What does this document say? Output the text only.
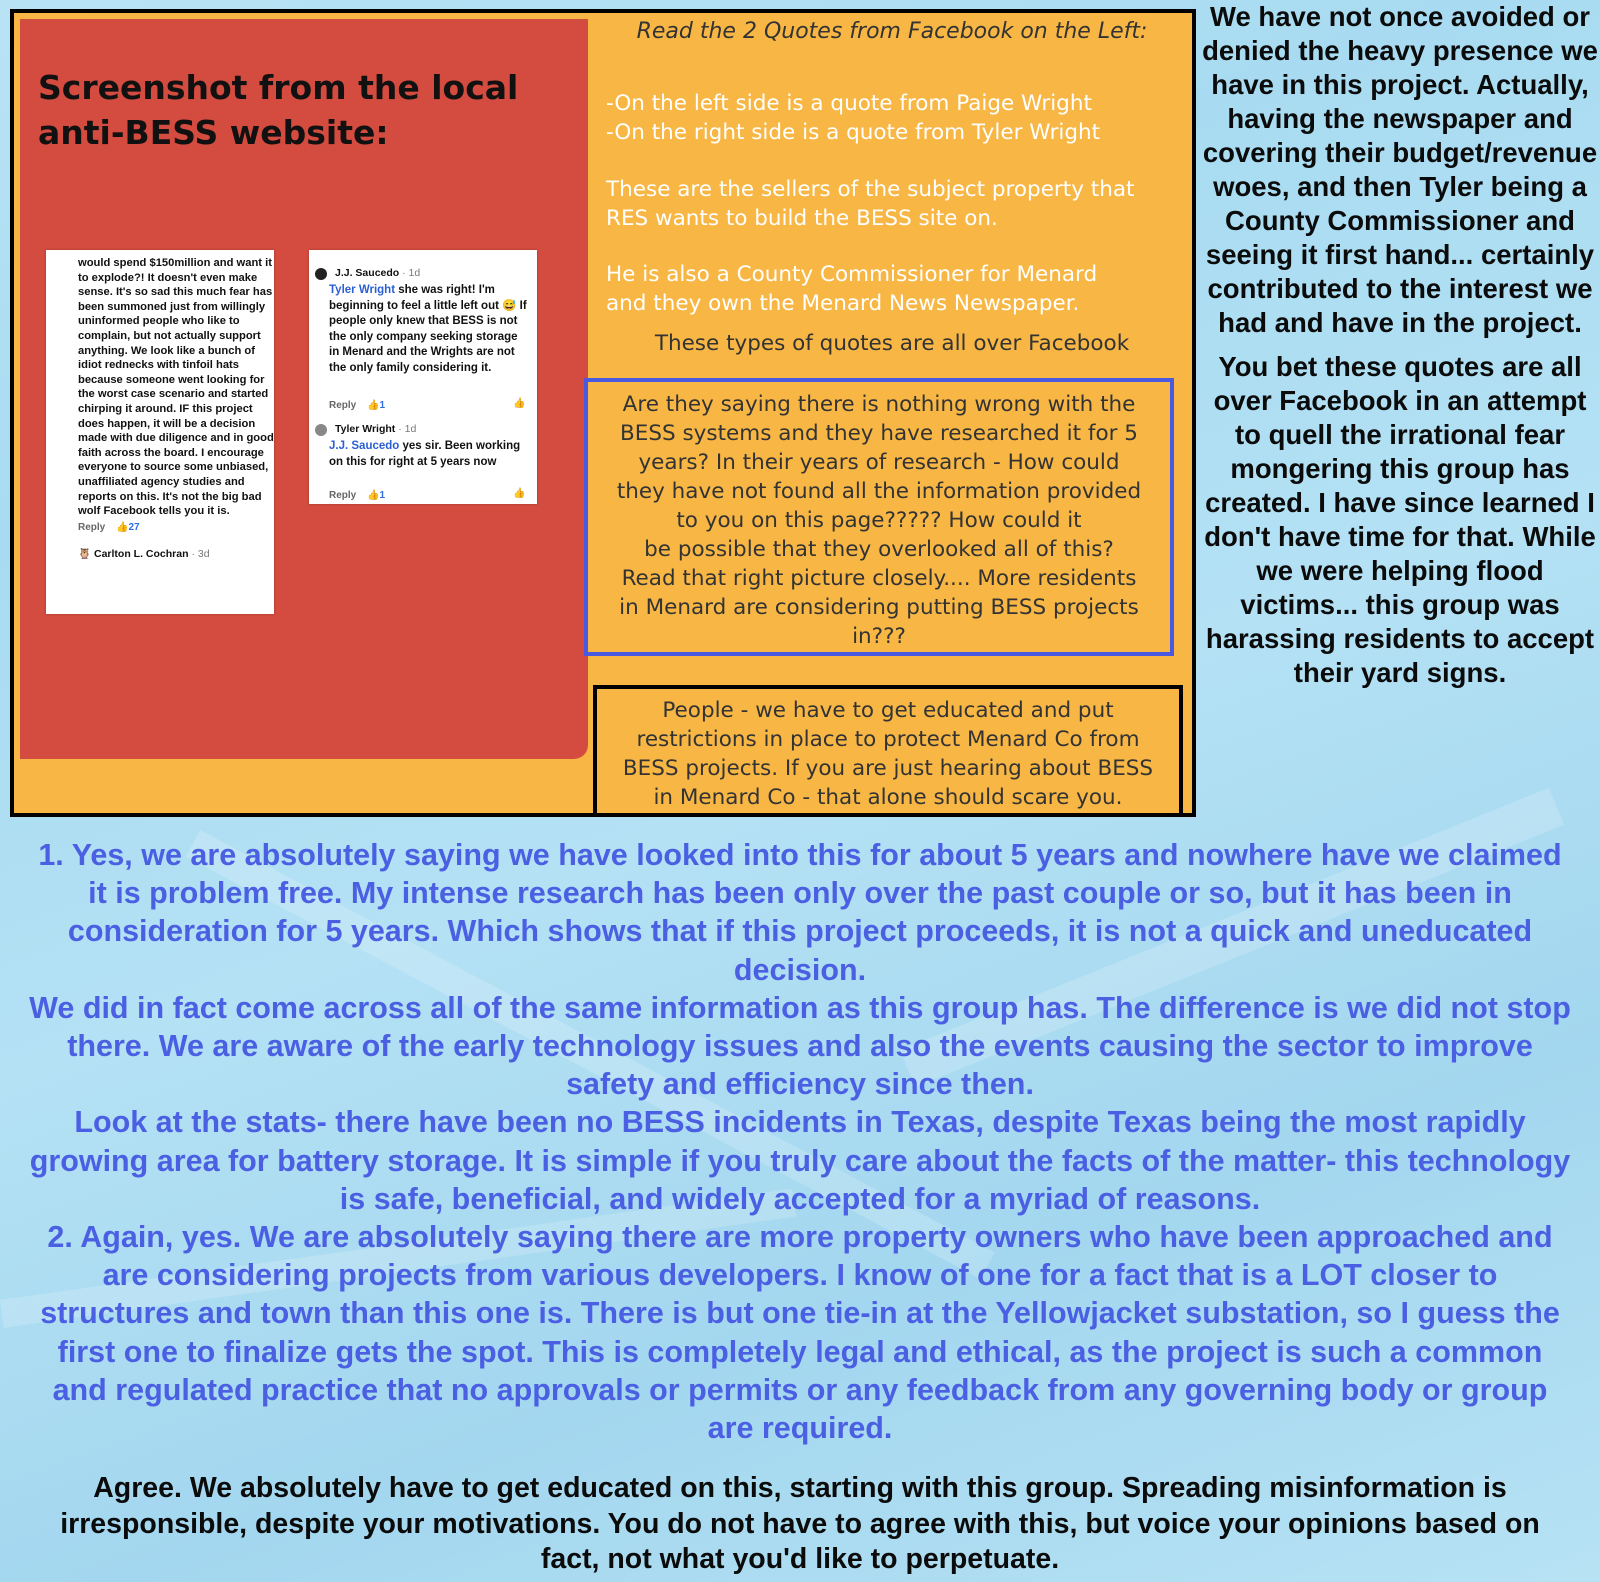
Screenshot from the local anti-BESS website:
would spend $150million and want it to explode?! It doesn't even make sense. It's so sad this much fear has been summoned just from willingly uninformed people who like to complain, but not actually support anything. We look like a bunch of idiot rednecks with tinfoil hats because someone went looking for the worst case scenario and started chirping it around. IF this project does happen, it will be a decision made with due diligence and in good faith across the board. I encourage everyone to source some unbiased, unaffiliated agency studies and reports on this. It's not the big bad wolf Facebook tells you it is.
Reply 👍27
🦉 Carlton L. Cochran · 3d
J.J. Saucedo · 1d
Tyler Wright she was right! I'm beginning to feel a little left out 😅 If people only knew that BESS is not the only company seeking storage in Menard and the Wrights are not the only family considering it.
Reply 👍1	👍
Tyler Wright · 1d
J.J. Saucedo yes sir. Been working on this for right at 5 years now
Reply 👍1	👍
Read the 2 Quotes from Facebook on the Left:
-On the left side is a quote from Paige Wright
-On the right side is a quote from Tyler Wright
These are the sellers of the subject property that
RES wants to build the BESS site on.
He is also a County Commissioner for Menard
and they own the Menard News Newspaper.
These types of quotes are all over Facebook
Are they saying there is nothing wrong with the
BESS systems and they have researched it for 5
years? In their years of research - How could
they have not found all the information provided
to you on this page????? How could it
be possible that they overlooked all of this?
Read that right picture closely.... More residents
in Menard are considering putting BESS projects
in???
People - we have to get educated and put
restrictions in place to protect Menard Co from
BESS projects. If you are just hearing about BESS
in Menard Co - that alone should scare you.

We have not once avoided or denied the heavy presence we have in this project. Actually, having the newspaper and covering their budget/revenue woes, and then Tyler being a County Commissioner and seeing it first hand... certainly contributed to the interest we had and have in the project.

You bet these quotes are all over Facebook in an attempt to quell the irrational fear mongering this group has created. I have since learned I don't have time for that. While we were helping flood victims... this group was harassing residents to accept their yard signs.

1. Yes, we are absolutely saying we have looked into this for about 5 years and nowhere have we claimed it is problem free. My intense research has been only over the past couple or so, but it has been in consideration for 5 years. Which shows that if this project proceeds, it is not a quick and uneducated decision.

We did in fact come across all of the same information as this group has. The difference is we did not stop there. We are aware of the early technology issues and also the events causing the sector to improve safety and efficiency since then.

Look at the stats- there have been no BESS incidents in Texas, despite Texas being the most rapidly growing area for battery storage. It is simple if you truly care about the facts of the matter- this technology is safe, beneficial, and widely accepted for a myriad of reasons.

2. Again, yes. We are absolutely saying there are more property owners who have been approached and are considering projects from various developers. I know of one for a fact that is a LOT closer to structures and town than this one is. There is but one tie-in at the Yellowjacket substation, so I guess the first one to finalize gets the spot. This is completely legal and ethical, as the project is such a common and regulated practice that no approvals or permits or any feedback from any governing body or group are required.

Agree. We absolutely have to get educated on this, starting with this group. Spreading misinformation is irresponsible, despite your motivations. You do not have to agree with this, but voice your opinions based on fact, not what you'd like to perpetuate.
